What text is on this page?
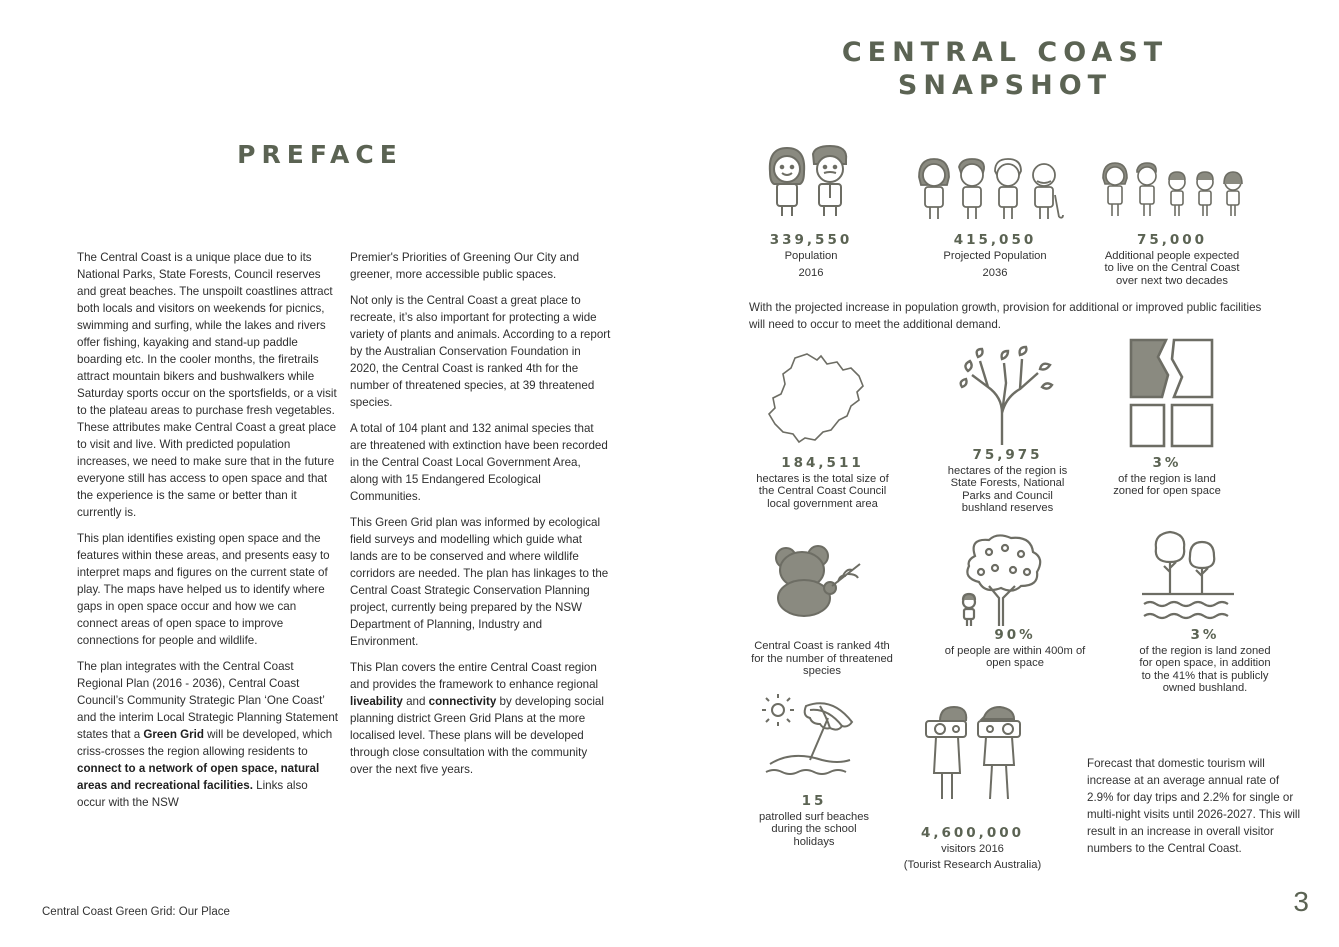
CENTRAL COAST
SNAPSHOT
PREFACE

The Central Coast is a unique place due to its National Parks, State Forests, Council reserves and great beaches. The unspoilt coastlines attract both locals and visitors on weekends for picnics, swimming and surfing, while the lakes and rivers offer fishing, kayaking and stand-up paddle boarding etc. In the cooler months, the firetrails attract mountain bikers and bushwalkers while Saturday sports occur on the sportsfields, or a visit to the plateau areas to purchase fresh vegetables. These attributes make Central Coast a great place to visit and live. With predicted population increases, we need to make sure that in the future everyone still has access to open space and that the experience is the same or better than it currently is.

This plan identifies existing open space and the features within these areas, and presents easy to interpret maps and figures on the current state of play. The maps have helped us to identify where gaps in open space occur and how we can connect areas of open space to improve connections for people and wildlife.

The plan integrates with the Central Coast Regional Plan (2016 - 2036), Central Coast Council’s Community Strategic Plan ‘One Coast’ and the interim Local Strategic Planning Statement states that a Green Grid will be developed, which criss-crosses the region allowing residents to connect to a network of open space, natural areas and recreational facilities. Links also occur with the NSW

Premier's Priorities of Greening Our City and greener, more accessible public spaces.

Not only is the Central Coast a great place to recreate, it’s also important for protecting a wide variety of plants and animals. According to a report by the Australian Conservation Foundation in 2020, the Central Coast is ranked 4th for the number of threatened species, at 39 threatened species.

A total of 104 plant and 132 animal species that are threatened with extinction have been recorded in the Central Coast Local Government Area, along with 15 Endangered Ecological Communities.

This Green Grid plan was informed by ecological field surveys and modelling which guide what lands are to be conserved and where wildlife corridors are needed. The plan has linkages to the Central Coast Strategic Conservation Planning project, currently being prepared by the NSW Department of Planning, Industry and Environment.

This Plan covers the entire Central Coast region and provides the framework to enhance regional liveability and connectivity by developing social planning district Green Grid Plans at the more localised level. These plans will be developed through close consultation with the community over the next five years.

339,550
Population
2016
415,050
Projected Population
2036
75,000
Additional people expected
to live on the Central Coast
over next two decades
With the projected increase in population growth, provision for additional or improved public facilities will need to occur to meet the additional demand.
184,511
hectares is the total size of
the Central Coast Council
local government area
75,975
hectares of the region is
State Forests, National
Parks and Council
bushland reserves
3%
of the region is land
zoned for open space
Central Coast is ranked 4th
for the number of threatened
species
90%
of people are within 400m of
open space
3%
of the region is land zoned
for open space, in addition
to the 41% that is publicly
owned bushland.
15
patrolled surf beaches
during the school
holidays
4,600,000
visitors 2016
(Tourist Research Australia)
Forecast that domestic tourism will increase at an average annual rate of 2.9% for day trips and 2.2% for single or multi-night visits until 2026-2027. This will result in an increase in overall visitor numbers to the Central Coast.
Central Coast Green Grid: Our Place	3
